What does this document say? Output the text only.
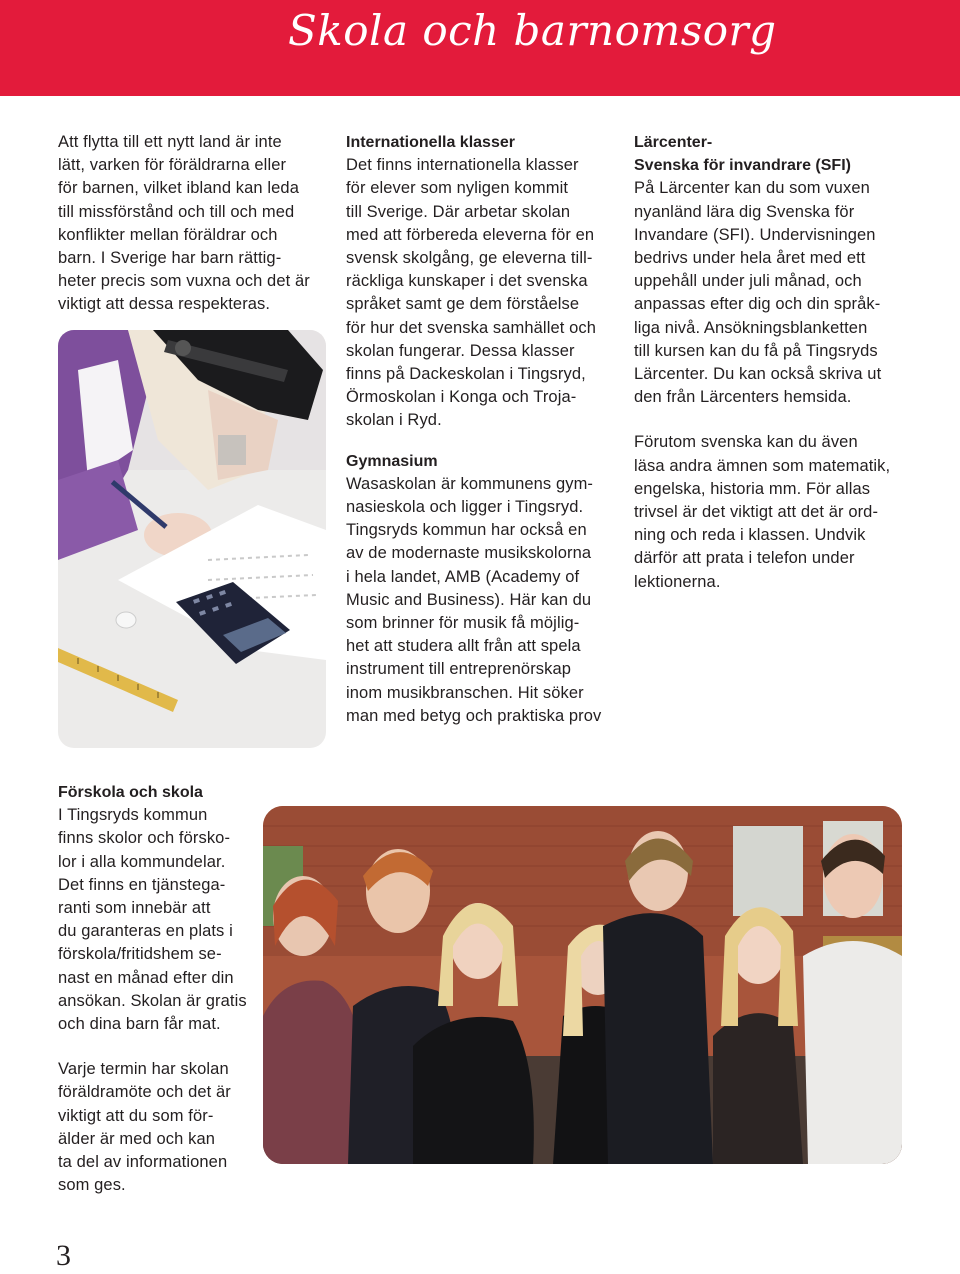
Skola och barnomsorg

Att flytta till ett nytt land är inte
lätt, varken för föräldrarna eller
för barnen, vilket ibland kan leda
till missförstånd och till och med
konflikter mellan föräldrar och
barn. I Sverige har barn rättig-
heter precis som vuxna och det är
viktigt att dessa respekteras.

Internationella klasser

Det finns internationella klasser
för elever som nyligen kommit
till Sverige. Där arbetar skolan
med att förbereda eleverna för en
svensk skolgång, ge eleverna till-
räckliga kunskaper i det svenska
språket samt ge dem förståelse
för hur det svenska samhället och
skolan fungerar. Dessa klasser
finns på Dackeskolan i Tingsryd,
Örmoskolan i Konga och Troja-
skolan i Ryd.

Gymnasium

Wasaskolan är kommunens gym-
nasieskola och ligger i Tingsryd.
Tingsryds kommun har också en
av de modernaste musikskolorna
i hela landet, AMB (Academy of
Music and Business). Här kan du
som brinner för musik få möjlig-
het att studera allt från att spela
instrument till entreprenörskap
inom musikbranschen. Hit söker
man med betyg och praktiska prov

Lärcenter-
Svenska för invandrare (SFI)

På Lärcenter kan du som vuxen
nyanländ lära dig Svenska för
Invandare (SFI). Undervisningen
bedrivs under hela året med ett
uppehåll under juli månad, och
anpassas efter dig och din språk-
liga nivå. Ansökningsblanketten
till kursen kan du få på Tingsryds
Lärcenter. Du kan också skriva ut
den från Lärcenters hemsida.

Förutom svenska kan du även
läsa andra ämnen som matematik,
engelska, historia mm. För allas
trivsel är det viktigt att det är ord-
ning och reda i klassen. Undvik
därför att prata i telefon under
lektionerna.

Förskola och skola

I Tingsryds kommun
finns skolor och förskо-
lor i alla kommundelar.
Det finns en tjänstega-
ranti som innebär att
du garanteras en plats i
förskola/fritidshem se-
nast en månad efter din
ansökan. Skolan är gratis
och dina barn får mat.

Varje termin har skolan
föräldramöte och det är
viktigt att du som för-
älder är med och kan
ta del av informationen
som ges.

3
